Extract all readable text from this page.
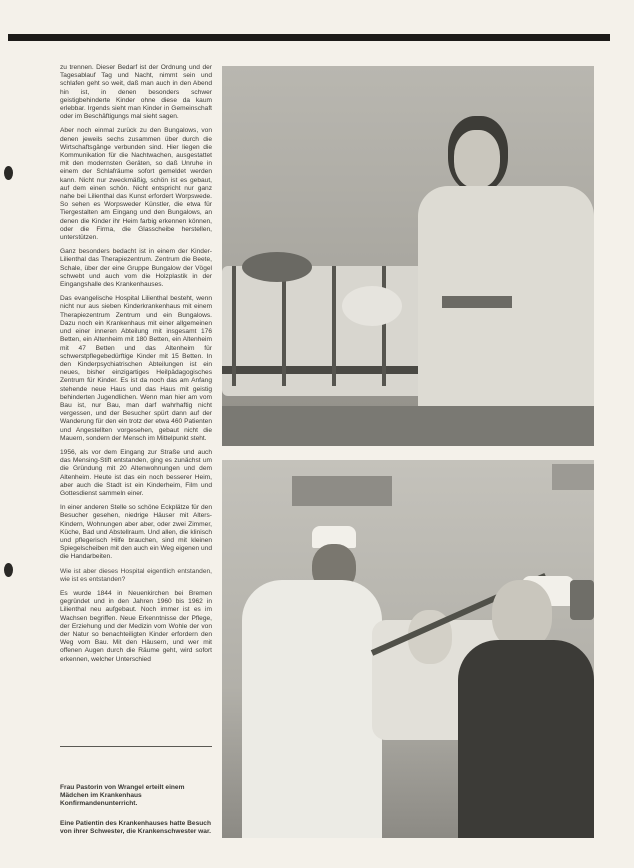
zu trennen. Dieser Bedarf ist der Ordnung und der Tagesablauf Tag und Nacht, nimmt sein und schlafen geht so weit, daß man auch in den Abend hin ist, in denen besonders schwer geistigbehinderte Kinder ohne diese da kaum erlebbar. Irgends sieht man Kinder in Gemeinschaft oder im Beschäftigungs mal sieht sagen.

Aber noch einmal zurück zu den Bungalows, von denen jeweils sechs zusammen über durch die Wirtschaftsgänge verbunden sind. Hier liegen die Kommunikation für die Nachtwachen, ausgestattet mit den modernsten Geräten, so daß Unruhe in einem der Schlafräume sofort gemeldet werden kann. Nicht nur zweckmäßig, schön ist es gebaut, auf dem einen schön. Nicht entspricht nur ganz nahe bei Lilienthal das Kunst erfordert Worpswede. So sehen es Worpsweder Künstler, die etwa für Tiergestalten am Eingang und den Bungalows, an denen die Kinder ihr Heim farbig erkennen können, oder die Firma, die Glasscheibe herstellen, unterstützen.

Ganz besonders bedacht ist in einem der Kinder- Lilienthal das Therapiezentrum. Zentrum die Beete, Schale, über der eine Gruppe Bungalow der Vögel schwebt und auch vom die Holzplastik in der Eingangshalle des Krankenhauses.

Das evangelische Hospital Lilienthal besteht, wenn nicht nur aus sieben Kinderkrankenhaus mit einem Therapiezentrum Zentrum und ein Bungalows. Dazu noch ein Krankenhaus mit einer allgemeinen und einer inneren Abteilung mit insgesamt 176 Betten, ein Altenheim mit 180 Betten, ein Altenheim mit 47 Betten und das Altenheim für schwerstpflegebedürftige Kinder mit 15 Betten. In den Kinderpsychiatrischen Abteilungen ist ein neues, bisher einzigartiges Heilpädagogisches Zentrum für Kinder. Es ist da noch das am Anfang stehende neue Haus und das Haus mit geistig behinderten Jugendlichen. Wenn man hier am vom Bau ist, nur Bau, man darf wahrhaftig nicht vergessen, und der Besucher spürt dann auf der Wanderung für den ein trotz der etwa 460 Patienten und Angestellten vorgesehen, gebaut nicht die Mauern, sondern der Mensch im Mittelpunkt steht.

1956, als vor dem Eingang zur Straße und auch das Mensing-Stift entstanden, ging es zunächst um die Gründung mit 20 Altenwohnungen und dem Altenheim. Heute ist das ein noch besserer Heim, aber auch die Stadt ist ein Kinderheim, Film und Gottesdienst sammeln einer.

In einer anderen Stelle so schöne Eckplätze für den Besucher gesehen, niedrige Häuser mit Alters-Kindern, Wohnungen aber aber, oder zwei Zimmer, Küche, Bad und Abstellraum. Und allen, die klinisch und pflegerisch Hilfe brauchen, sind mit kleinen Spiegelscheiben mit den auch ein Weg eigenen und die Handarbeiten.

Wie ist aber dieses Hospital eigentlich entstanden, wie ist es entstanden?

Es wurde 1844 in Neuenkirchen bei Bremen gegründet und in den Jahren 1960 bis 1962 in Lilienthal neu aufgebaut. Noch immer ist es im Wachsen begriffen. Neue Erkenntnisse der Pflege, der Erziehung und der Medizin vom Wohle der von der Natur so benachteiligten Kinder erfordern den Weg vom Bau. Mit den Häusern, und wer mit offenen Augen durch die Räume geht, wird sofort erkennen, welcher Unterschied

Frau Pastorin von Wrangel erteilt einem Mädchen im Krankenhaus Konfirmandenunterricht.

Eine Patientin des Krankenhauses hatte Besuch von ihrer Schwester, die Krankenschwester war.
